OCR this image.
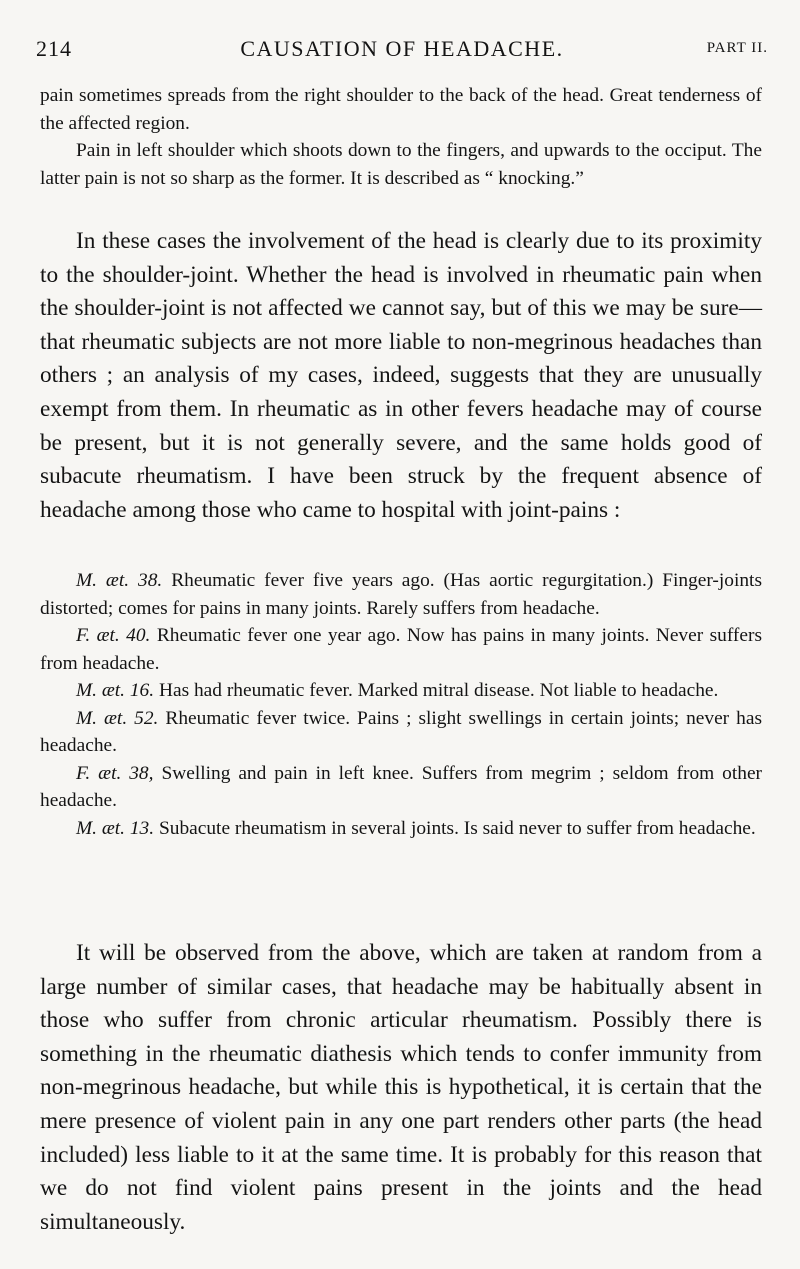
214	CAUSATION OF HEADACHE.	PART II.

pain sometimes spreads from the right shoulder to the back of the head. Great tenderness of the affected region.

Pain in left shoulder which shoots down to the fingers, and upwards to the occiput. The latter pain is not so sharp as the former. It is described as “ knocking.”

In these cases the involvement of the head is clearly due to its proximity to the shoulder-joint. Whether the head is involved in rheumatic pain when the shoulder-joint is not affected we cannot say, but of this we may be sure—that rheumatic subjects are not more liable to non-megrinous headaches than others ; an analysis of my cases, indeed, suggests that they are unusually exempt from them. In rheumatic as in other fevers headache may of course be present, but it is not generally severe, and the same holds good of subacute rheumatism. I have been struck by the frequent absence of headache among those who came to hospital with joint-pains :

M. æt. 38. Rheumatic fever five years ago. (Has aortic regurgitation.) Finger-joints distorted; comes for pains in many joints. Rarely suffers from headache.

F. æt. 40. Rheumatic fever one year ago. Now has pains in many joints. Never suffers from headache.

M. æt. 16. Has had rheumatic fever. Marked mitral disease. Not liable to headache.

M. æt. 52. Rheumatic fever twice. Pains ; slight swellings in certain joints; never has headache.

F. æt. 38, Swelling and pain in left knee. Suffers from megrim ; seldom from other headache.

M. æt. 13. Subacute rheumatism in several joints. Is said never to suffer from headache.

It will be observed from the above, which are taken at random from a large number of similar cases, that headache may be habitually absent in those who suffer from chronic articular rheumatism. Possibly there is something in the rheumatic diathesis which tends to confer immunity from non-megrinous headache, but while this is hypothetical, it is certain that the mere presence of violent pain in any one part renders other parts (the head included) less liable to it at the same time. It is probably for this reason that we do not find violent pains present in the joints and the head simultaneously.
